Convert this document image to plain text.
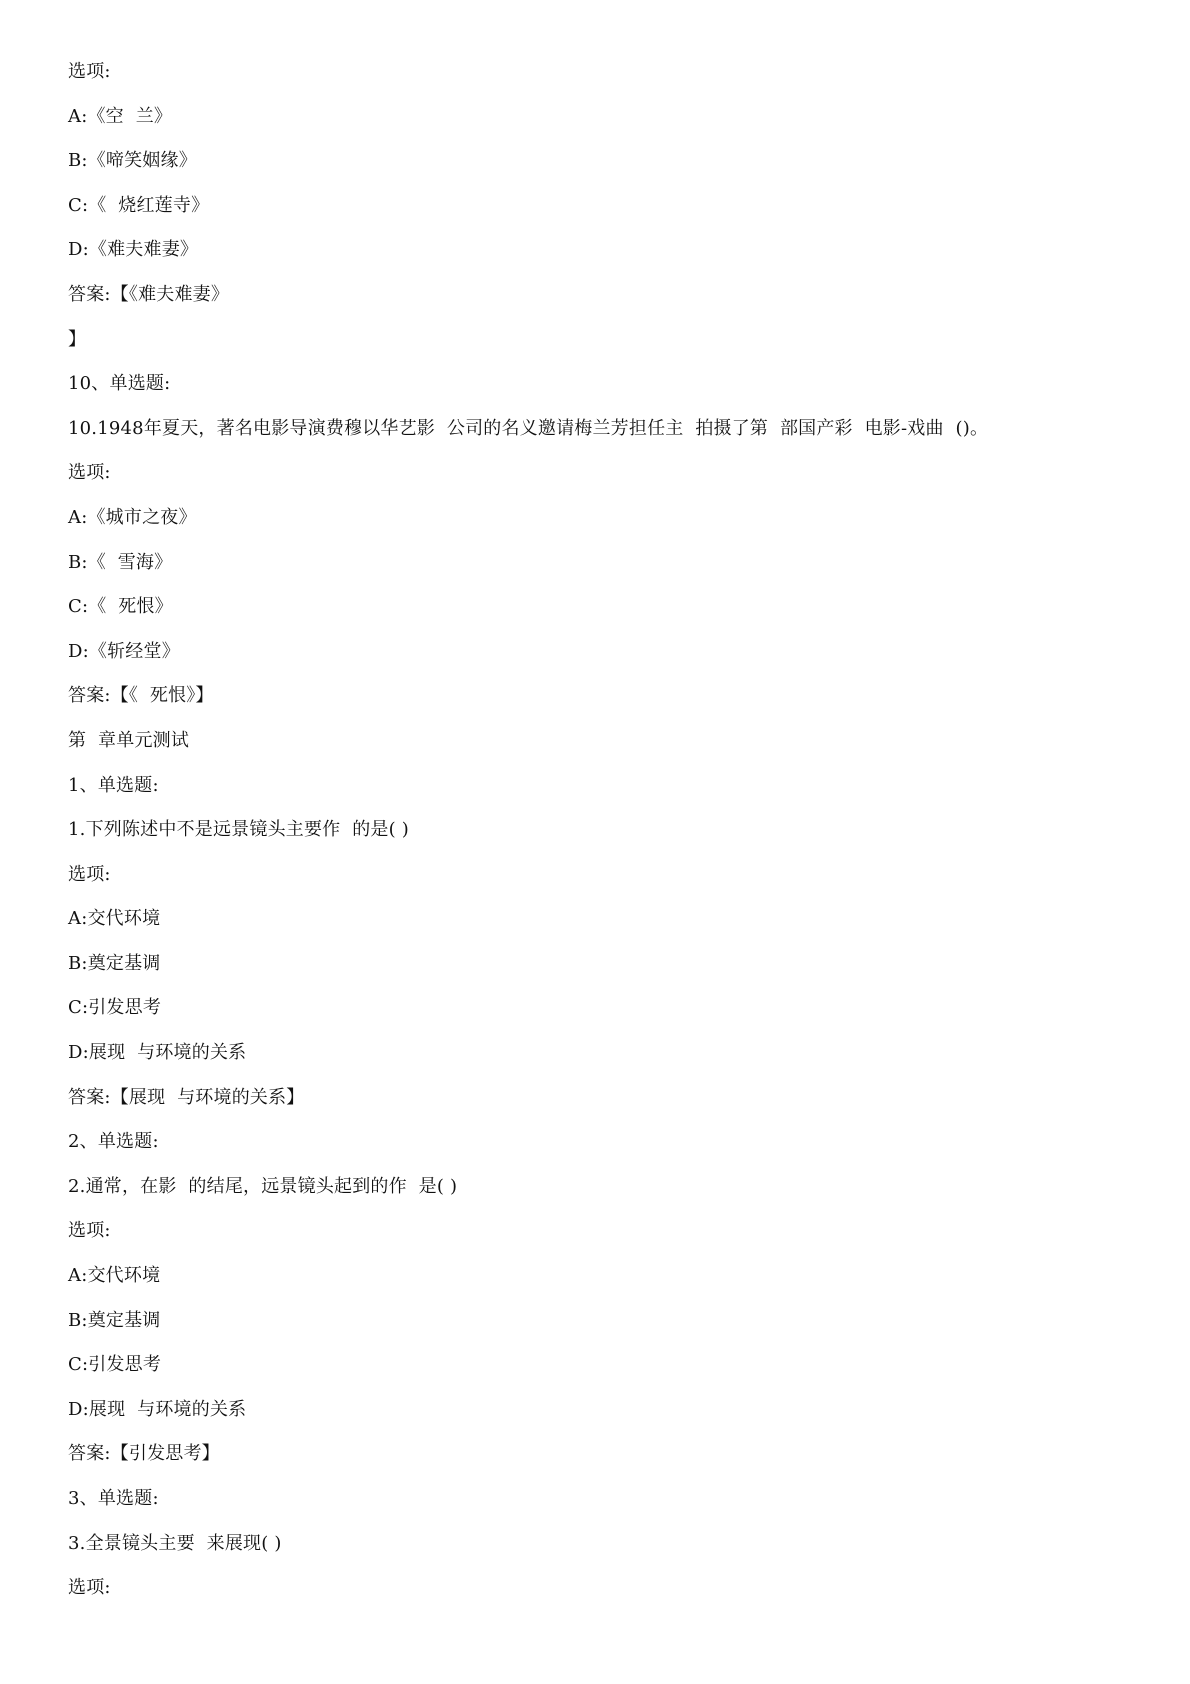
选项:
A:《空  兰》
B:《啼笑姻缘》
C:《  烧红莲寺》
D:《难夫难妻》
答案:【《难夫难妻》
】
10、单选题:
10.1948年夏天，著名电影导演费穆以华艺影  公司的名义邀请梅兰芳担任主  拍摄了第  部国产彩  电影-戏曲  ()。
选项:
A:《城市之夜》
B:《  雪海》
C:《  死恨》
D:《斩经堂》
答案:【《  死恨》】
第  章单元测试
1、单选题:
1.下列陈述中不是远景镜头主要作  的是( )
选项:
A:交代环境
B:奠定基调
C:引发思考
D:展现  与环境的关系
答案:【展现  与环境的关系】
2、单选题:
2.通常，在影  的结尾，远景镜头起到的作  是( )
选项:
A:交代环境
B:奠定基调
C:引发思考
D:展现  与环境的关系
答案:【引发思考】
3、单选题:
3.全景镜头主要  来展现( )
选项:
